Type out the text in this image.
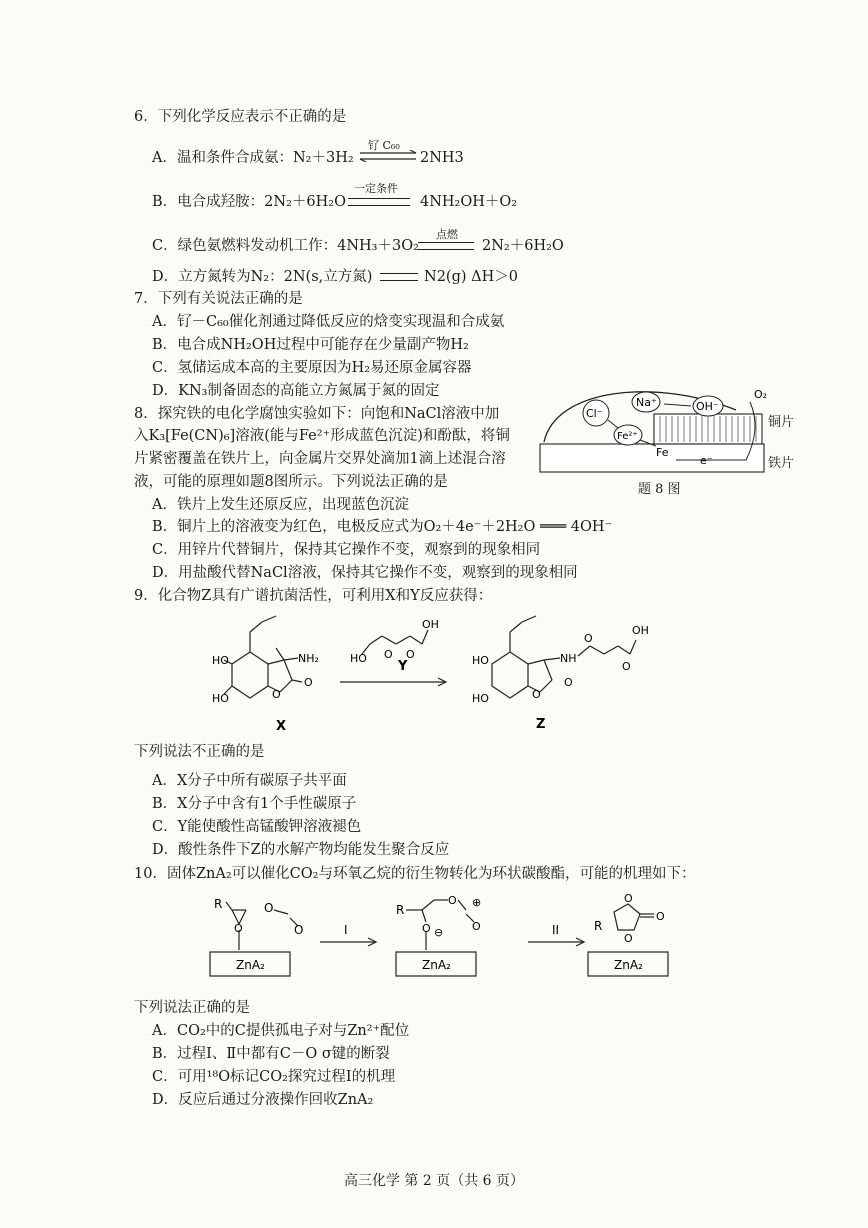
6．下列化学反应表示不正确的是
A．温和条件合成氨：N₂＋3H₂
钌 C₆₀
2NH3
B．电合成羟胺：2N₂＋6H₂O
一定条件
4NH₂OH＋O₂
C．绿色氨燃料发动机工作：4NH₃＋3O₂
点燃
2N₂＋6H₂O
D．立方氮转为N₂：2N(s,立方氮)	N2(g) ΔH＞0
7．下列有关说法正确的是
A．钌－C₆₀催化剂通过降低反应的焓变实现温和合成氨
B．电合成NH₂OH过程中可能存在少量副产物H₂
C．氢储运成本高的主要原因为H₂易还原金属容器
D．KN₃制备固态的高能立方氮属于氮的固定
8．探究铁的电化学腐蚀实验如下：向饱和NaCl溶液中加
入K₃[Fe(CN)₆]溶液(能与Fe²⁺形成蓝色沉淀)和酚酞，将铜
片紧密覆盖在铁片上，向金属片交界处滴加1滴上述混合溶
液，可能的原理如题8图所示。下列说法正确的是
Cl⁻
Na⁺	OH⁻
Fe²⁺
O₂
Fe
e⁻
铜片
铁片
题 8 图
A．铁片上发生还原反应，出现蓝色沉淀
B．铜片上的溶液变为红色，电极反应式为O₂＋4e⁻＋2H₂O ═══ 4OH⁻
C．用锌片代替铜片，保持其它操作不变，观察到的现象相同
D．用盐酸代替NaCl溶液，保持其它操作不变，观察到的现象相同
9．化合物Z具有广谱抗菌活性，可利用X和Y反应获得：
HO
HO
NH₂
O
O
X
OH
HO O O
Y	HO
HO
NH
OH
O
O
O
O
Z
下列说法不正确的是
A．X分子中所有碳原子共平面
B．X分子中含有1个手性碳原子
C．Y能使酸性高锰酸钾溶液褪色
D．酸性条件下Z的水解产物均能发生聚合反应
10．固体ZnA₂可以催化CO₂与环氧乙烷的衍生物转化为环状碳酸酯，可能的机理如下：
R
O
O
O
ZnA₂
I
R
O ⊖
O ⊕
O
ZnA₂
II	R
O
O
O
ZnA₂
下列说法正确的是
A．CO₂中的C提供孤电子对与Zn²⁺配位
B．过程Ⅰ、Ⅱ中都有C－O σ键的断裂
C．可用¹⁸O标记CO₂探究过程Ⅰ的机理
D．反应后通过分液操作回收ZnA₂
高三化学 第 2 页（共 6 页）
